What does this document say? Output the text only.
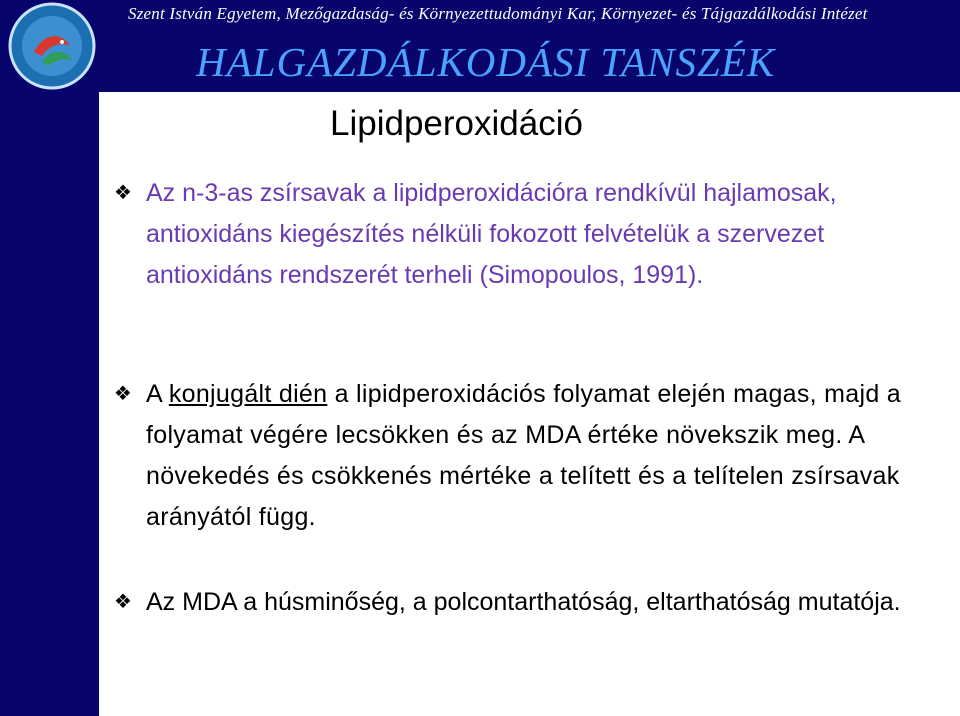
Szent István Egyetem, Mezőgazdaság- és Környezettudományi Kar, Környezet- és Tájgazdálkodási Intézet
HALGAZDÁLKODÁSI TANSZÉK
Lipidperoxidáció
❖ Az n-3-as zsírsavak a lipidperoxidációra rendkívül hajlamosak, antioxidáns kiegészítés nélküli fokozott felvételük a szervezet antioxidáns rendszerét terheli (Simopoulos, 1991).
❖ A konjugált dién a lipidperoxidációs folyamat elején magas, majd a folyamat végére lecsökken és az MDA értéke növekszik meg. A növekedés és csökkenés mértéke a telített és a telítelen zsírsavak arányától függ.
❖ Az MDA a húsminőség, a polcontarthatóság, eltarthatóság mutatója.
